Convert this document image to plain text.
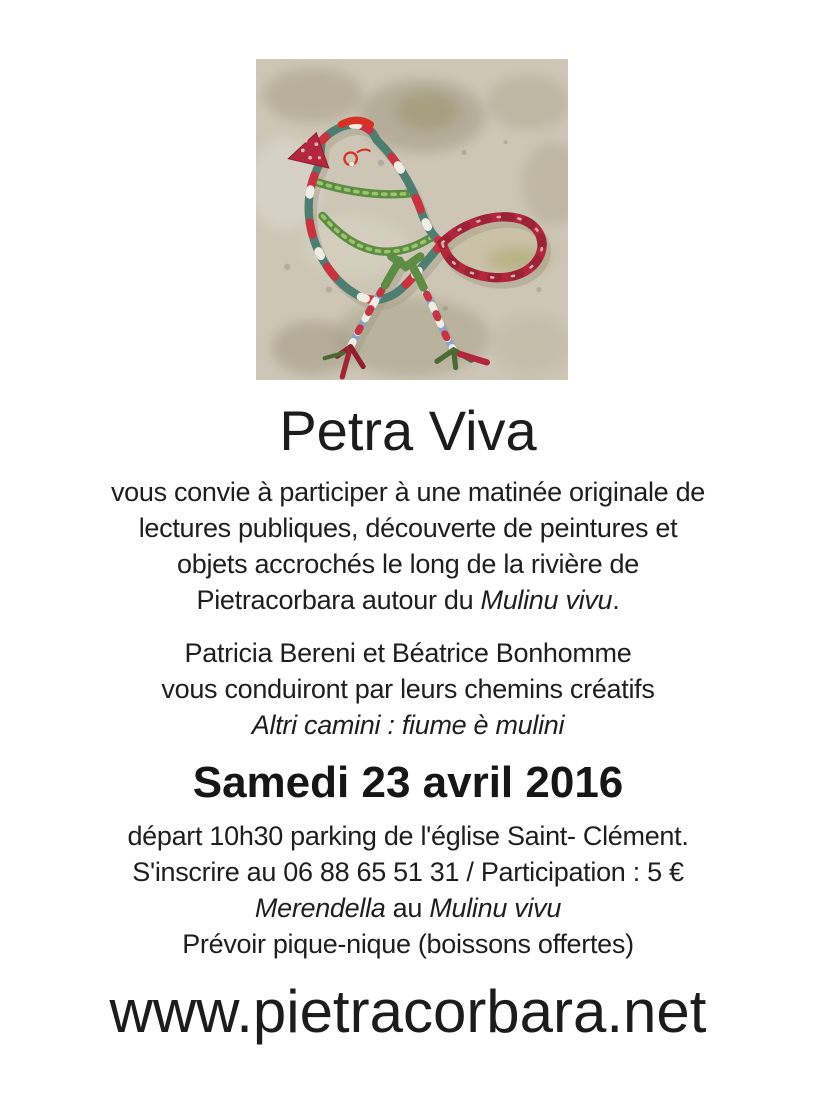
Petra Viva

vous convie à participer à une matinée originale de
lectures publiques, découverte de peintures et
objets accrochés le long de la rivière de
Pietracorbara autour du Mulinu vivu.

Patricia Bereni et Béatrice Bonhomme
vous conduiront par leurs chemins créatifs
Altri camini : fiume è mulini

Samedi 23 avril 2016

départ 10h30 parking de l'église Saint- Clément.
S'inscrire au 06 88 65 51 31 / Participation : 5 €
Merendella au Mulinu vivu
Prévoir pique-nique (boissons offertes)

www.pietracorbara.net
